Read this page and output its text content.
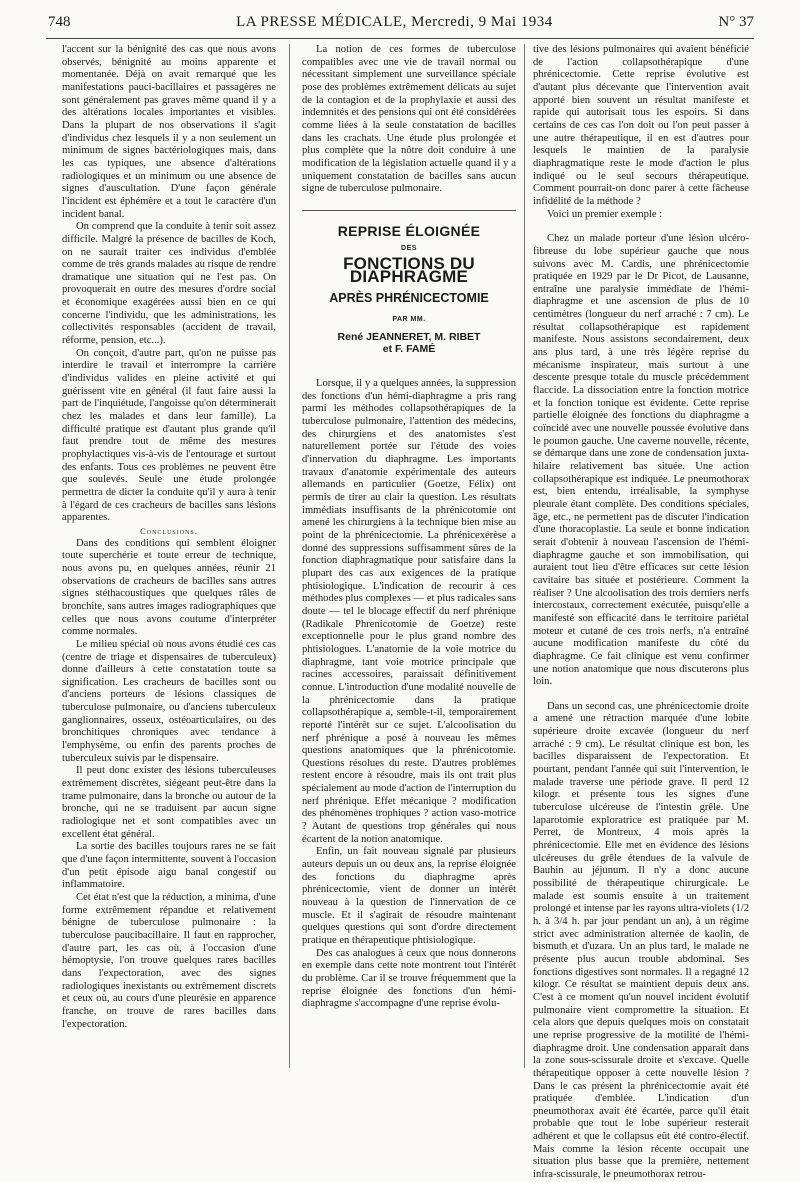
748	LA PRESSE MÉDICALE, Mercredi, 9 Mai 1934	N° 37

l'accent sur la bénignité des cas que nous avons observés, bénignité au moins apparente et momentanée. Déjà on avait remarqué que les manifestations pauci-bacillaires et passagères ne sont généralement pas graves même quand il y a des altérations locales importantes et visibles. Dans la plupart de nos observations il s'agit d'individus chez lesquels il y a non seulement un minimum de signes bactériologiques mais, dans les cas typiques, une absence d'altérations radiologiques et un minimum ou une absence de signes d'auscultation. D'une façon générale l'incident est éphémère et a tout le caractère d'un incident banal.

On comprend que la conduite à tenir soit assez difficile. Malgré la présence de bacilles de Koch, on ne saurait traiter ces individus d'emblée comme de très grands malades au risque de rendre dramatique une situation qui ne l'est pas. On provoquerait en outre des mesures d'ordre social et économique exagérées aussi bien en ce qui concerne l'individu, que les administrations, les collectivités responsables (accident de travail, réforme, pension, etc...).

On conçoit, d'autre part, qu'on ne puisse pas interdire le travail et interrompre la carrière d'individus valides en pleine activité et qui guérissent vite en général (il faut faire aussi la part de l'inquiétude, l'angoisse qu'on déterminerait chez les malades et dans leur famille). La difficulté pratique est d'autant plus grande qu'il faut prendre tout de même des mesures prophylactiques vis-à-vis de l'entourage et surtout des enfants. Tous ces problèmes ne peuvent être que soulevés. Seule une étude prolongée permettra de dicter la conduite qu'il y aura à tenir à l'égard de ces cracheurs de bacilles sans lésions apparentes.

Conclusions.

Dans des conditions qui semblent éloigner toute superchérie et toute erreur de technique, nous avons pu, en quelques années, réunir 21 observations de cracheurs de bacilles sans autres signes stéthacoustiques que quelques râles de bronchite, sans autres images radiographiques que celles que nous avons coutume d'interpréter comme normales.

Le milieu spécial où nous avons étudié ces cas (centre de triage et dispensaires de tuberculeux) donne d'ailleurs à cette constatation toute sa signification. Les cracheurs de bacilles sont ou d'anciens porteurs de lésions classiques de tuberculose pulmonaire, ou d'anciens tuberculeux ganglionnaires, osseux, ostéoarticulaires, ou des bronchitiques chroniques avec tendance à l'emphysème, ou enfin des parents proches de tuberculeux suivis par le dispensaire.

Il peut donc exister des lésions tuberculeuses extrêmement discrètes, siégeant peut-être dans la trame pulmonaire, dans la bronche ou autour de la bronche, qui ne se traduisent par aucun signe radiologique net et sont compatibles avec un excellent état général.

La sortie des bacilles toujours rares ne se fait que d'une façon intermittente, souvent à l'occasion d'un petit épisode aigu banal congestif ou inflammatoire.

Cet état n'est que la réduction, a minima, d'une forme extrêmement répandue et relativement bénigne de tuberculose pulmonaire : la tuberculose paucibacillaire. Il faut en rapprocher, d'autre part, les cas où, à l'occasion d'une hémoptysie, l'on trouve quelques rares bacilles dans l'expectoration, avec des signes radiologiques inexistants ou extrêmement discrets et ceux où, au cours d'une pleurésie en apparence franche, on trouve de rares bacilles dans l'expectoration.

La notion de ces formes de tuberculose compatibles avec une vie de travail normal ou nécessitant simplement une surveillance spéciale pose des problèmes extrêmement délicats au sujet de la contagion et de la prophylaxie et aussi des indemnités et des pensions qui ont été considérées comme liées à la seule constatation de bacilles dans les crachats. Une étude plus prolongée et plus complète que la nôtre doit conduire à une modification de la législation actuelle quand il y a uniquement constatation de bacilles sans aucun signe de tuberculose pulmonaire.

REPRISE ÉLOIGNÉE
DES
FONCTIONS DU DIAPHRAGME
APRÈS PHRÉNICECTOMIE
PAR MM.
René JEANNERET, M. RIBET
et F. FAMÉ

Lorsque, il y a quelques années, la suppression des fonctions d'un hémi-diaphragme a pris rang parmi les méthodes collapsothérapiques de la tuberculose pulmonaire, l'attention des médecins, des chirurgiens et des anatomistes s'est naturellement portée sur l'étude des voies d'innervation du diaphragme. Les importants travaux d'anatomie expérimentale des auteurs allemands en particulier (Goetze, Félix) ont permis de tirer au clair la question. Les résultats immédiats insuffisants de la phrénicotomie ont amené les chirurgiens à la technique bien mise au point de la phrénicectomie. La phrénicexérèse a donné des suppressions suffisamment sûres de la fonction diaphragmatique pour satisfaire dans la plupart des cas aux exigences de la pratique phtisiologique. L'indication de recourir à ces méthodes plus complexes — et plus radicales sans doute — tel le blocage effectif du nerf phrénique (Radikale Phrenicotomie de Goetze) reste exceptionnelle pour le plus grand nombre des phtisiologues. L'anatomie de la voie motrice du diaphragme, tant voie motrice principale que racines accessoires, paraissait définitivement connue. L'introduction d'une modalité nouvelle de la phrénicectomie dans la pratique collapsothérapique a, semble-t-il, temporairement reporté l'intérêt sur ce sujet. L'alcoolisation du nerf phrénique a posé à nouveau les mêmes questions anatomiques que la phrénicotomie. Questions résolues du reste. D'autres problèmes restent encore à résoudre, mais ils ont trait plus spécialement au mode d'action de l'interruption du nerf phrénique. Effet mécanique ? modification des phénomènes trophiques ? action vaso-motrice ? Autant de questions trop générales qui nous écartent de la notion anatomique.

Enfin, un fait nouveau signalé par plusieurs auteurs depuis un ou deux ans, la reprise éloignée des fonctions du diaphragme après phrénicectomie, vient de donner un intérêt nouveau à la question de l'innervation de ce muscle. Et il s'agirait de résoudre maintenant quelques questions qui sont d'ordre directement pratique en thérapeutique phtisiologique.

Des cas analogues à ceux que nous donnerons en exemple dans cette note montrent tout l'intérêt du problème. Car il se trouve fréquemment que la reprise éloignée des fonctions d'un hémi-diaphragme s'accompagne d'une reprise évolu-

tive des lésions pulmonaires qui avaient bénéficié de l'action collapsothérapique d'une phrénicectomie. Cette reprise évolutive est d'autant plus décevante que l'intervention avait apporté bien souvent un résultat manifeste et rapide qui autorisait tous les espoirs. Si dans certains de ces cas l'on doit ou l'on peut passer à une autre thérapeutique, il en est d'autres pour lesquels le maintien de la paralysie diaphragmatique reste le mode d'action le plus indiqué ou le seul secours thérapeutique. Comment pourrait-on donc parer à cette fâcheuse infidélité de la méthode ?

Voici un premier exemple :

Chez un malade porteur d'une lésion ulcéro-fibreuse du lobe supérieur gauche que nous suivons avec M. Cardis, une phrénicectomie pratiquée en 1929 par le Dr Picot, de Lausanne, entraîne une paralysie immédiate de l'hémi-diaphragme et une ascension de plus de 10 centimètres (longueur du nerf arraché : 7 cm). Le résultat collapsothérapique est rapidement manifeste. Nous assistons secondairement, deux ans plus tard, à une très légère reprise du mécanisme inspirateur, mais surtout à une descente presque totale du muscle précédemment flaccide. La dissociation entre la fonction motrice et la fonction tonique est évidente. Cette reprise partielle éloignée des fonctions du diaphragme a coïncidé avec une nouvelle poussée évolutive dans le poumon gauche. Une caverne nouvelle, récente, se démarque dans une zone de condensation juxta-hilaire relativement bas située. Une action collapsothérapique est indiquée. Le pneumothorax est, bien entendu, irréalisable, la symphyse pleurale étant complète. Des conditions spéciales, âge, etc., ne permettent pas de discuter l'indication d'une thoracoplastie. La seule et bonne indication serait d'obtenir à nouveau l'ascension de l'hémi-diaphragme gauche et son immobilisation, qui auraient tout lieu d'être efficaces sur cette lésion cavitaire bas située et postérieure. Comment la réaliser ? Une alcoolisation des trois derniers nerfs intercostaux, correctement exécutée, puisqu'elle a manifesté son efficacité dans le territoire pariétal moteur et cutané de ces trois nerfs, n'a entraîné aucune modification manifeste du côté du diaphragme. Ce fait clinique est venu confirmer une notion anatomique que nous discuterons plus loin.

Dans un second cas, une phrénicectomie droite a amené une rétraction marquée d'une lobite supérieure droite excavée (longueur du nerf arraché : 9 cm). Le résultat clinique est bon, les bacilles disparaissent de l'expectoration. Et pourtant, pendant l'année qui suit l'intervention, le malade traverse une période grave. Il perd 12 kilogr. et présente tous les signes d'une tuberculose ulcéreuse de l'intestin grêle. Une laparotomie exploratrice est pratiquée par M. Perret, de Montreux, 4 mois après la phrénicectomie. Elle met en évidence des lésions ulcéreuses du grêle étendues de la valvule de Bauhin au jéjunum. Il n'y a donc aucune possibilité de thérapeutique chirurgicale. Le malade est soumis ensuite à un traitement prolongé et intense par les rayons ultra-violets (1/2 h. à 3/4 h. par jour pendant un an), à un régime strict avec administration alternée de kaolin, de bismuth et d'uzara. Un an plus tard, le malade ne présente plus aucun trouble abdominal. Ses fonctions digestives sont normales. Il a regagné 12 kilogr. Ce résultat se maintient depuis deux ans. C'est à ce moment qu'un nouvel incident évolutif pulmonaire vient compromettre la situation. Et cela alors que depuis quelques mois on constatait une reprise progressive de la motilité de l'hémi-diaphragme droit. Une condensation apparaît dans la zone sous-scissurale droite et s'excave. Quelle thérapeutique opposer à cette nouvelle lésion ? Dans le cas présent la phrénicectomie avait été pratiquée d'emblée. L'indication d'un pneumothorax avait été écartée, parce qu'il était probable que tout le lobe supérieur resterait adhérent et que le collapsus eût été contro-électif. Mais comme la lésion récente occupait une situation plus basse que la première, nettement infra-scissurale, le pneumothorax retrou-
